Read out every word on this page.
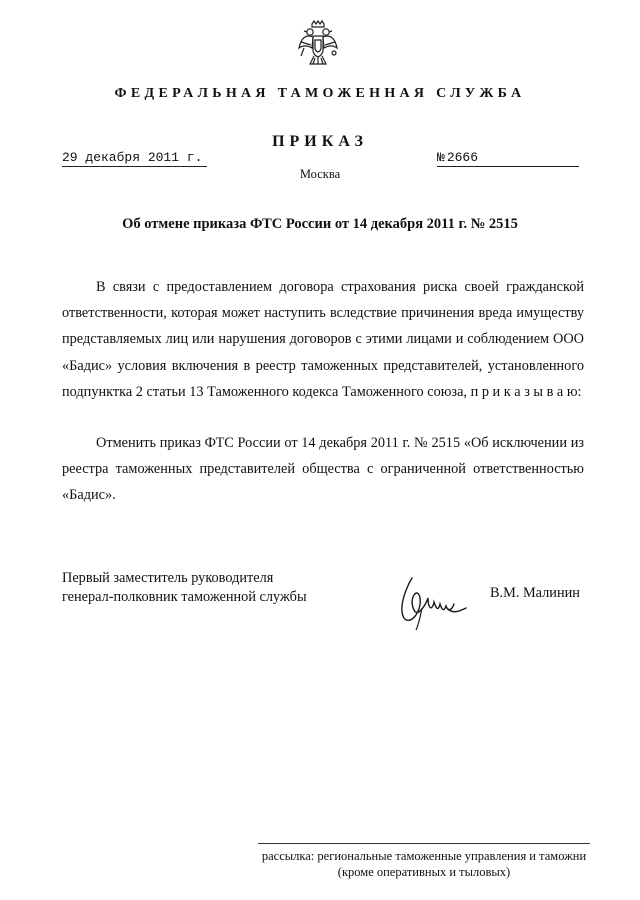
ФЕДЕРАЛЬНАЯ ТАМОЖЕННАЯ СЛУЖБА
ПРИКАЗ
29 декабря 2011 г.	№ 2666
Москва
Об отмене приказа ФТС России от 14 декабря 2011 г. № 2515

В связи с предоставлением договора страхования риска своей гражданской ответственности, которая может наступить вследствие причинения вреда имуществу представляемых лиц или нарушения договоров с этими лицами и соблюдением ООО «Бадис» условия включения в реестр таможенных представителей, установленного подпунктка 2 статьи 13 Таможенного кодекса Таможенного союза, п р и к а з ы в а ю:

Отменить приказ ФТС России от 14 декабря 2011 г. № 2515 «Об исключении из реестра таможенных представителей общества с ограниченной ответственностью «Бадис».

Первый заместитель руководителя
генерал-полковник таможенной службы	В.М. Малинин
рассылка: региональные таможенные управления и таможни
(кроме оперативных и тыловых)
